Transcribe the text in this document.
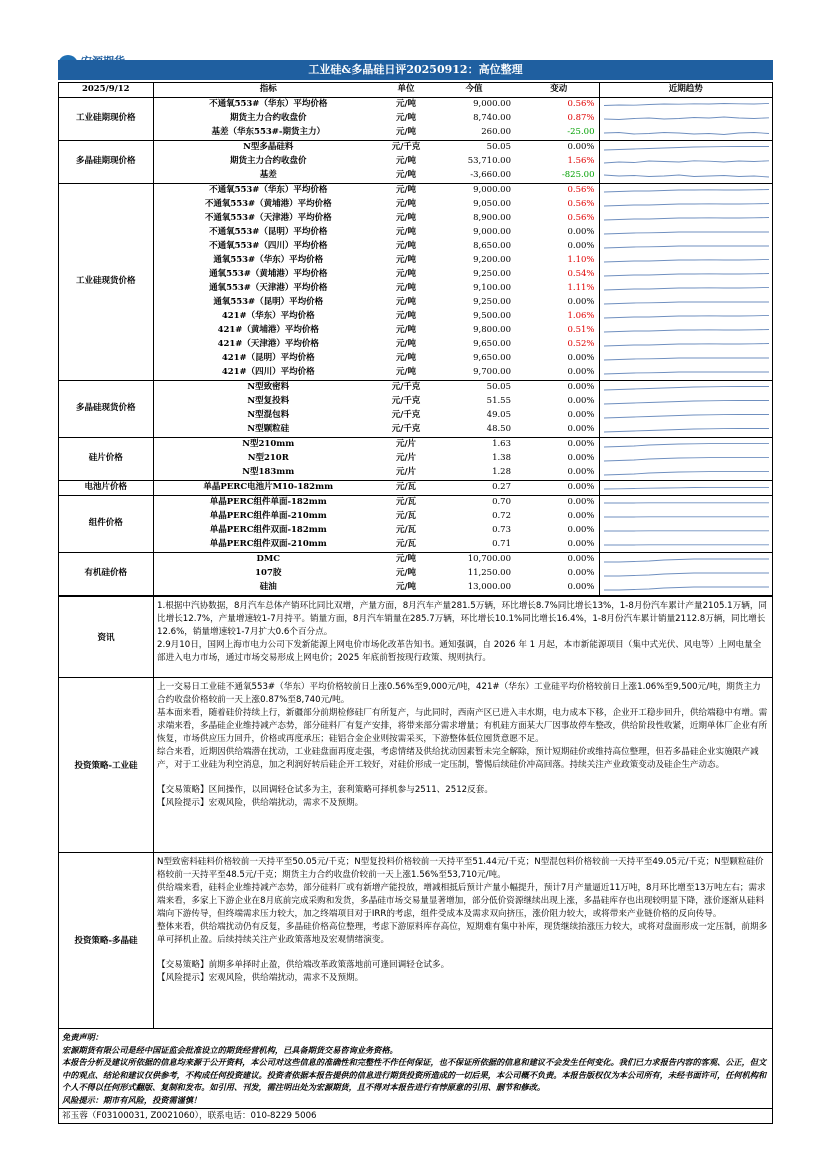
工业硅&多晶硅日评20250912：高位整理
2025/9/12	指标	单位	今值	变动	近期趋势
工业硅期现价格	不通氧553#（华东）平均价格	元/吨	9,000.00	0.56%	

	期货主力合约收盘价	元/吨	8,740.00	0.87%	

	基差（华东553#-期货主力）	元/吨	260.00	-25.00	

多晶硅期现价格	N型多晶硅料	元/千克	50.05	0.00%	

	期货主力合约收盘价	元/吨	53,710.00	1.56%	

	基差	元/吨	-3,660.00	-825.00	

工业硅现货价格	不通氧553#（华东）平均价格	元/吨	9,000.00	0.56%	

	不通氧553#（黄埔港）平均价格	元/吨	9,050.00	0.56%	

	不通氧553#（天津港）平均价格	元/吨	8,900.00	0.56%	

	不通氧553#（昆明）平均价格	元/吨	9,000.00	0.00%	

	不通氧553#（四川）平均价格	元/吨	8,650.00	0.00%	

	通氧553#（华东）平均价格	元/吨	9,200.00	1.10%	

	通氧553#（黄埔港）平均价格	元/吨	9,250.00	0.54%	

	通氧553#（天津港）平均价格	元/吨	9,100.00	1.11%	

	通氧553#（昆明）平均价格	元/吨	9,250.00	0.00%	

	421#（华东）平均价格	元/吨	9,500.00	1.06%	

	421#（黄埔港）平均价格	元/吨	9,800.00	0.51%	

	421#（天津港）平均价格	元/吨	9,650.00	0.52%	

	421#（昆明）平均价格	元/吨	9,650.00	0.00%	

	421#（四川）平均价格	元/吨	9,700.00	0.00%	

多晶硅现货价格	N型致密料	元/千克	50.05	0.00%	

	N型复投料	元/千克	51.55	0.00%	

	N型混包料	元/千克	49.05	0.00%	

	N型颗粒硅	元/千克	48.50	0.00%	

硅片价格	N型210mm	元/片	1.63	0.00%	

	N型210R	元/片	1.38	0.00%	

	N型183mm	元/片	1.28	0.00%	

电池片价格	单晶PERC电池片M10-182mm	元/瓦	0.27	0.00%	

组件价格	单晶PERC组件单面-182mm	元/瓦	0.70	0.00%	

	单晶PERC组件单面-210mm	元/瓦	0.72	0.00%	

	单晶PERC组件双面-182mm	元/瓦	0.73	0.00%	

	单晶PERC组件双面-210mm	元/瓦	0.71	0.00%	

有机硅价格	DMC	元/吨	10,700.00	0.00%	

	107胶	元/吨	11,250.00	0.00%	

	硅油	元/吨	13,000.00	0.00%	
资讯

1.根据中汽协数据，8月汽车总体产销环比同比双增，产量方面，8月汽车产量281.5万辆，环比增长8.7%同比增长13%，1-8月份汽车累计产量2105.1万辆，同比增长12.7%，产量增速较1-7月持平。销量方面，8月汽车销量在285.7万辆，环比增长10.1%同比增长16.4%，1-8月份汽车累计销量2112.8万辆，同比增长12.6%，销量增速较1-7月扩大0.6个百分点。

2.9月10日，国网上海市电力公司下发新能源上网电价市场化改革告知书。通知强调，自 2026 年 1 月起，本市新能源项目（集中式光伏、风电等）上网电量全部进入电力市场，通过市场交易形成上网电价；2025 年底前暂按现行政策、规则执行。

投资策略-工业硅

上一交易日工业硅不通氧553#（华东）平均价格较前日上涨0.56%至9,000元/吨，421#（华东）工业硅平均价格较前日上涨1.06%至9,500元/吨，期货主力合约收盘价格较前一天上涨0.87%至8,740元/吨。

基本面来看，随着硅价持续上行，新疆部分前期检修硅厂有所复产，与此同时，西南产区已进入丰水期，电力成本下移，企业开工稳步回升，供给端稳中有增。需求端来看，多晶硅企业维持减产态势，部分硅料厂有复产安排，将带来部分需求增量；有机硅方面某大厂因事故停车整改，供给阶段性收紧，近期单体厂企业有所恢复，市场供应压力回升，价格或再度承压；硅铝合金企业则按需采买，下游整体低位囤货意愿不足。

综合来看，近期因供给端潜在扰动，工业硅盘面再度走强，考虑情绪及供给扰动因素暂未完全解除，预计短期硅价或维持高位整理，但若多晶硅企业实施限产减产，对于工业硅为利空消息，加之利润好转后硅企开工较好，对硅价形成一定压制，警惕后续硅价冲高回落。持续关注产业政策变动及硅企生产动态。

【交易策略】区间操作，以回调轻仓试多为主，套利策略可择机参与2511、2512反套。

【风险提示】宏观风险，供给端扰动，需求不及预期。

投资策略-多晶硅

N型致密料硅料价格较前一天持平至50.05元/千克；N型复投料价格较前一天持平至51.44元/千克；N型混包料价格较前一天持平至49.05元/千克；N型颗粒硅价格较前一天持平至48.5元/千克；期货主力合约收盘价较前一天上涨1.56%至53,710元/吨。

供给端来看，硅料企业维持减产态势，部分硅料厂或有新增产能投放，增减相抵后预计产量小幅提升，预计7月产量逼近11万吨，8月环比增至13万吨左右；需求端来看，多家上下游企业在8月底前完成采购和发货，多晶硅市场交易量显著增加，部分低价资源继续出现上涨，多晶硅库存也出现较明显下降，涨价逐渐从硅料端向下游传导，但终端需求压力较大，加之终端项目对于IRR的考虑，组件受成本及需求双向挤压，涨价阻力较大，或将带来产业链价格的反向传导。

整体来看，供给端扰动仍有反复，多晶硅价格高位整理，考虑下游原料库存高位，短期难有集中补库，现货继续抬涨压力较大，或将对盘面形成一定压制，前期多单可择机止盈。后续持续关注产业政策落地及宏观情绪演变。

【交易策略】前期多单择时止盈，供给端改革政策落地前可逢回调轻仓试多。

【风险提示】宏观风险，供给端扰动，需求不及预期。

免责声明：
宏源期货有限公司是经中国证监会批准设立的期货经营机构，已具备期货交易咨询业务资格。
本报告分析及建议所依据的信息均来源于公开资料，本公司对这些信息的准确性和完整性不作任何保证，也不保证所依据的信息和建议不会发生任何变化。我们已力求报告内容的客观、公正，但文中的观点、结论和建议仅供参考，不构成任何投资建议。投资者依据本报告提供的信息进行期货投资所造成的一切后果，本公司概不负责。本报告版权仅为本公司所有，未经书面许可，任何机构和个人不得以任何形式翻版、复制和发布。如引用、刊发，需注明出处为宏源期货，且不得对本报告进行有悖原意的引用、删节和修改。
风险提示：期市有风险，投资需谨慎！
祁玉蓉（F03100031, Z0021060），联系电话：010-8229 5006
